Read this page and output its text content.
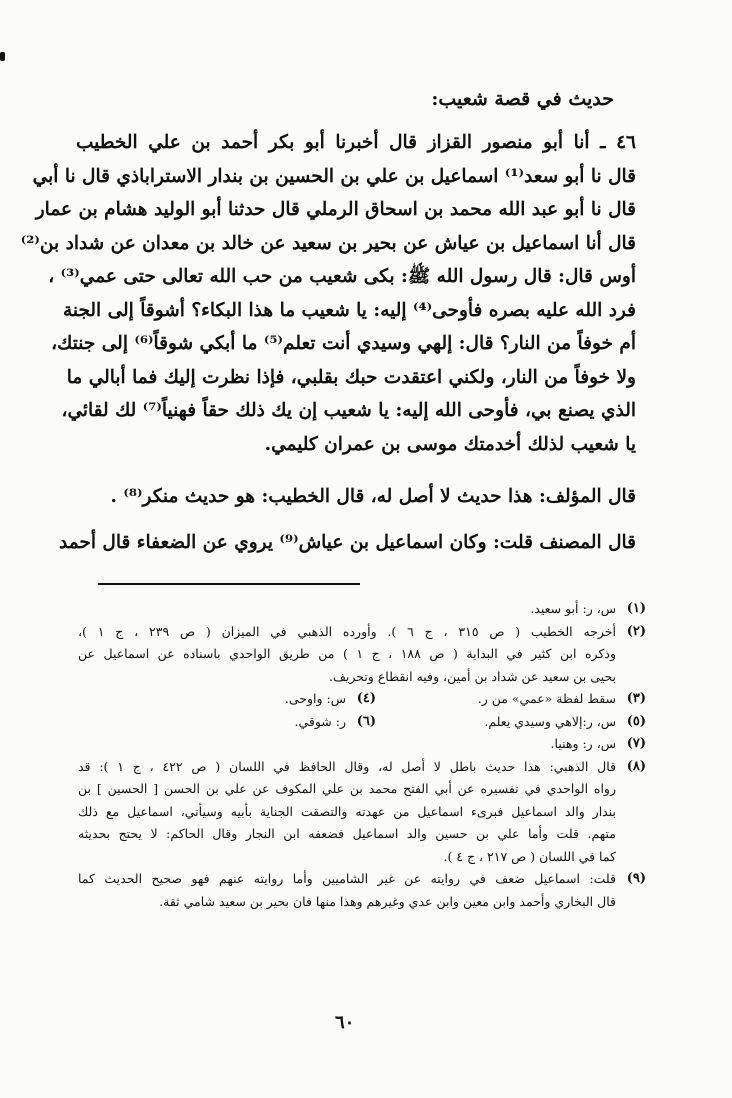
حديث في قصة شعيب:
٤٦ ـ أنا أبو منصور القزاز قال أخبرنا أبو بكر أحمد بن علي الخطيب
قال نا أبو سعد⁽¹⁾ اسماعيل بن علي بن الحسين بن بندار الاستراباذي قال نا أبي
قال نا أبو عبد الله محمد بن اسحاق الرملي قال حدثنا أبو الوليد هشام بن عمار
قال أنا اسماعيل بن عياش عن بحير بن سعيد عن خالد بن معدان عن شداد بن⁽²⁾
أوس قال: قال رسول الله ﷺ: بكى شعيب من حب الله تعالى حتى عمي⁽³⁾ ،
فرد الله عليه بصره فأوحى⁽⁴⁾ إليه: يا شعيب ما هذا البكاء؟ أشوقاً إلى الجنة
أم خوفاً من النار؟ قال: إلهي وسيدي أنت تعلم⁽⁵⁾ ما أبكي شوقاً⁽⁶⁾ إلى جنتك،
ولا خوفاً من النار، ولكني اعتقدت حبك بقلبي، فإذا نظرت إليك فما أبالي ما
الذي يصنع بي، فأوحى الله إليه: يا شعيب إن يك ذلك حقاً فهنياً⁽⁷⁾ لك لقائي،
يا شعيب لذلك أخدمتك موسى بن عمران كليمي.
قال المؤلف: هذا حديث لا أصل له، قال الخطيب: هو حديث منكر⁽⁸⁾ .
قال المصنف قلت: وكان اسماعيل بن عياش⁽⁹⁾ يروي عن الضعفاء قال أحمد
(١)
س، ر: أبو سعيد.
(٢)
أخرجه الخطيب ( ص ٣١٥ ، ج ٦ ). وأورده الذهبي في الميزان ( ص ٢٣٩ ، ج ١ )،
وذكره ابن كثير في البداية ( ص ١٨٨ ، ج ١ ) من طريق الواحدي باسناده عن اسماعيل عن
بحيى بن سعيد عن شداد بن أمين، وفيه انقطاع وتحريف.
(٣)
سقط لفظة «عمي» من ر.
(٤)
س: واوحى.
(٥)
س، ر:إلاهي وسيدي يعلم.
(٦)
ر: شوقي.
(٧)
س، ر: وهنيا.
(٨)
قال الذهبي: هذا حديث باطل لا أصل له، وقال الحافظ في اللسان ( ص ٤٢٢ ، ج ١ ): قد
رواه الواحدي في تفسيره عن أبي الفتح محمد بن علي المكوف عن علي بن الحسن [ الحسين ] بن
بندار والد اسماعيل فبرىء اسماعيل من عهدته والتصقت الجناية بأبيه وسيأتي، اسماعيل مع ذلك
متهم. قلت وأما علي بن حسين والد اسماعيل فضعفه ابن النجار وقال الحاكم: لا يحتج بحديثه
كما في اللسان ( ص ٢١٧ ، ج ٤ ).
(٩)
قلت: اسماعيل ضعف في روايته عن غير الشاميين وأما روايته عنهم فهو صحيح الحديث كما
قال البخاري وأحمد وابن معين وابن عدي وغيرهم وهذا منها فان بحير بن سعيد شامي ثقة.
٦٠
